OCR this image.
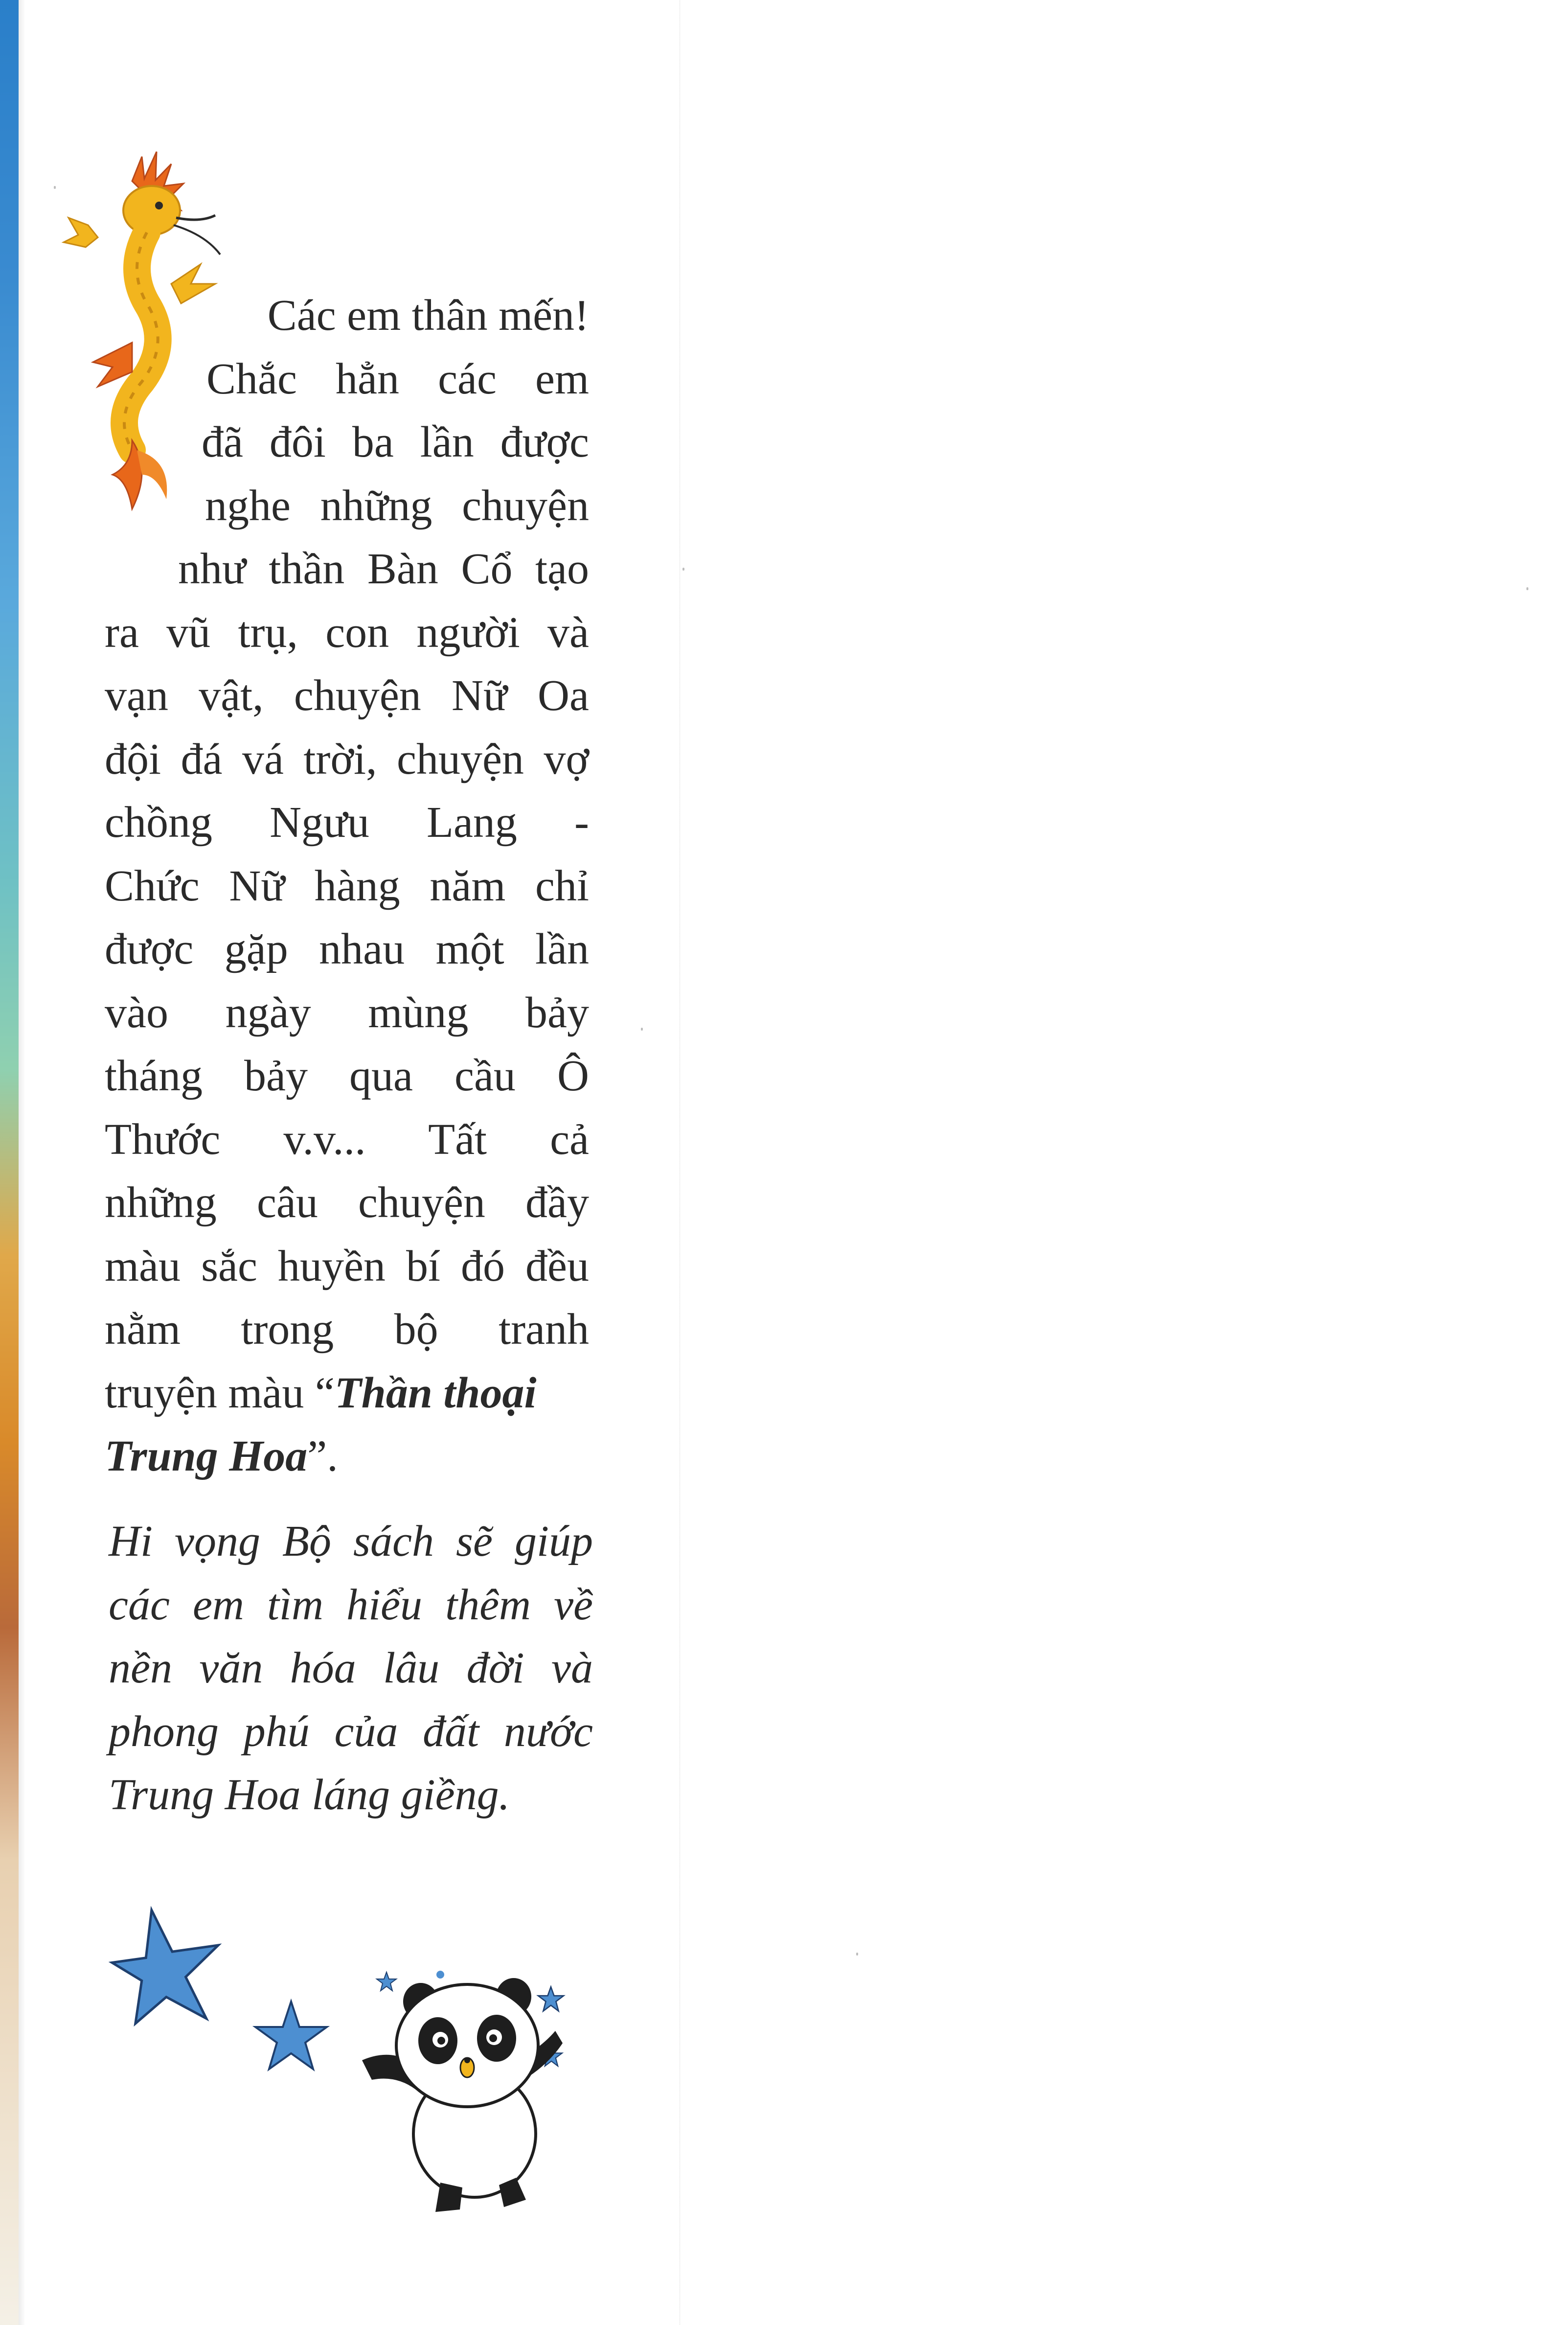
Các em thân mến!
Chắc hẳn các em
đã đôi ba lần được
nghe những chuyện
như thần Bàn Cổ tạo
ra vũ trụ, con người và
vạn vật, chuyện Nữ Oa
đội đá vá trời, chuyện vợ
chồng Ngưu Lang -
Chức Nữ hàng năm chỉ
được gặp nhau một lần
vào ngày mùng bảy
tháng bảy qua cầu Ô
Thước v.v... Tất cả
những câu chuyện đầy
màu sắc huyền bí đó đều
nằm trong bộ tranh
truyện màu “Thần thoại
Trung Hoa”.
Hi vọng Bộ sách sẽ giúp
các em tìm hiểu thêm về
nền văn hóa lâu đời và
phong phú của đất nước
Trung Hoa láng giềng.
